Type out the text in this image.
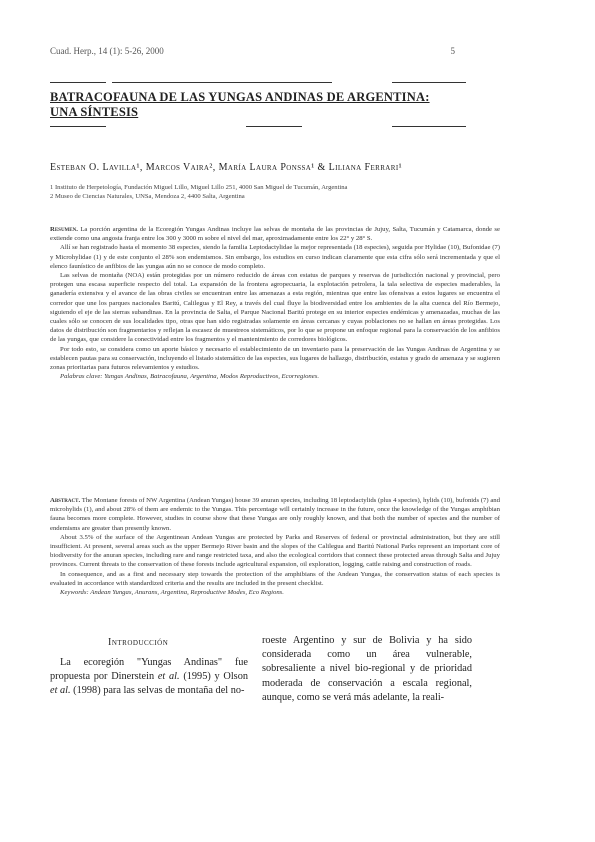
Cuad. Herp., 14 (1): 5-26, 2000	5
BATRACOFAUNA DE LAS YUNGAS ANDINAS DE ARGENTINA:
UNA SÍNTESIS
Esteban O. Lavilla¹, Marcos Vaira², María Laura Ponssa¹ & Liliana Ferrari¹
1 Instituto de Herpetología, Fundación Miguel Lillo, Miguel Lillo 251, 4000 San Miguel de Tucumán, Argentina
2 Museo de Ciencias Naturales, UNSa, Mendoza 2, 4400 Salta, Argentina

Resumen. La porción argentina de la Ecoregión Yungas Andinas incluye las selvas de montaña de las provincias de Jujuy, Salta, Tucumán y Catamarca, donde se extiende como una angosta franja entre los 300 y 3000 m sobre el nivel del mar, aproximadamente entre los 22° y 28° S.

Allí se han registrado hasta el momento 38 especies, siendo la familia Leptodactylidae la mejor representada (18 especies), seguida por Hylidae (10), Bufonidae (7) y Microhylidae (1) y de este conjunto el 28% son endemismos. Sin embargo, los estudios en curso indican claramente que esta cifra sólo será incrementada y que el elenco faunístico de anfibios de las yungas aún no se conoce de modo completo.

Las selvas de montaña (NOA) están protegidas por un número reducido de áreas con estatus de parques y reservas de jurisdicción nacional y provincial, pero protegen una escasa superficie respecto del total. La expansión de la frontera agropecuaria, la explotación petrolera, la tala selectiva de especies maderables, la ganadería extensiva y el avance de las obras civiles se encuentran entre las amenazas a esta región, mientras que entre las ofensivas a estos lugares se encuentra el corredor que une los parques nacionales Baritú, Calilegua y El Rey, a través del cual fluye la biodiversidad entre los ambientes de la alta cuenca del Río Bermejo, siguiendo el eje de las sierras subandinas. En la provincia de Salta, el Parque Nacional Baritú protege en su interior especies endémicas y amenazadas, muchas de las cuales sólo se conocen de sus localidades tipo, otras que han sido registradas solamente en áreas cercanas y cuyas poblaciones no se hallan en áreas protegidas. Los datos de distribución son fragmentarios y reflejan la escasez de muestreos sistemáticos, por lo que se propone un enfoque regional para la conservación de los anfibios de las yungas, que considere la conectividad entre los fragmentos y el mantenimiento de corredores biológicos.

Por todo esto, se considera como un aporte básico y necesario el establecimiento de un inventario para la preservación de las Yungas Andinas de Argentina y se establecen pautas para su conservación, incluyendo el listado sistemático de las especies, sus lugares de hallazgo, distribución, estatus y grado de amenaza y se sugieren zonas prioritarias para futuros relevamientos y estudios.

Palabras clave: Yungas Andinas, Batracofauna, Argentina, Modos Reproductivos, Ecorregiones.

Abstract. The Montane forests of NW Argentina (Andean Yungas) house 39 anuran species, including 18 leptodactylids (plus 4 species), hylids (10), bufonids (7) and microhylids (1), and about 28% of them are endemic to the Yungas. This percentage will certainly increase in the future, once the knowledge of the Yungas amphibian fauna becomes more complete. However, studies in course show that these Yungas are only roughly known, and that both the number of species and the number of endemisms are greater than presently known.

About 3.5% of the surface of the Argentinean Andean Yungas are protected by Parks and Reserves of federal or provincial administration, but they are still insufficient. At present, several areas such as the upper Bermejo River basin and the slopes of the Calilegua and Baritú National Parks represent an important core of biodiversity for the anuran species, including rare and range restricted taxa, and also the ecological corridors that connect these protected areas through Salta and Jujuy provinces. Current threats to the conservation of these forests include agricultural expansion, oil exploration, logging, cattle raising and construction of roads.

In consequence, and as a first and necessary step towards the protection of the amphibians of the Andean Yungas, the conservation status of each species is evaluated in accordance with standardized criteria and the results are included in the present checklist.

Keywords: Andean Yungas, Anurans, Argentina, Reproductive Modes, Eco Regions.

Introducción
La ecoregión "Yungas Andinas" fue propuesta por Dinerstein et al. (1995) y Olson et al. (1998) para las selvas de montaña del no-
roeste Argentino y sur de Bolivia y ha sido considerada como un área vulnerable, sobresaliente a nivel bio-regional y de prioridad moderada de conservación a escala regional, aunque, como se verá más adelante, la reali-
